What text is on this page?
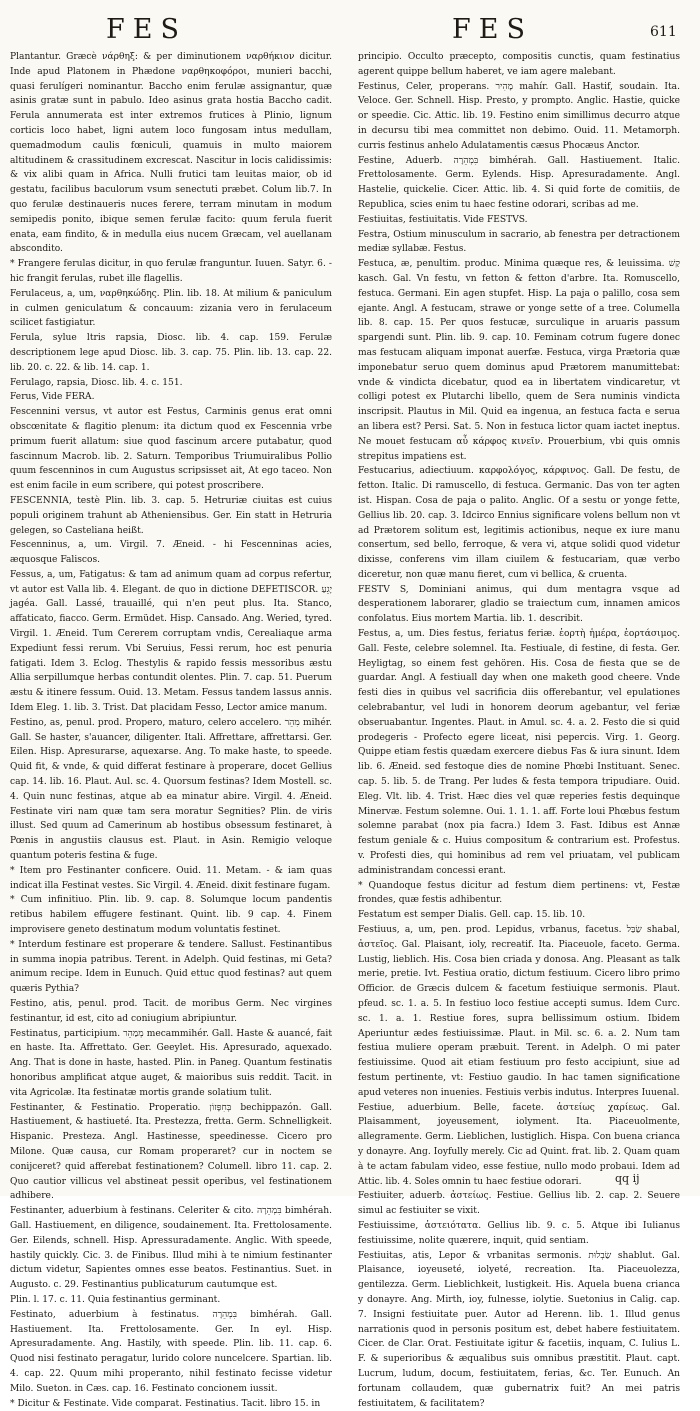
FES	FES	611

Plantantur. Græcè νάρθηξ: & per diminutionem ναρθήκιον dicitur. Inde apud Platonem in Phædone ναρθηκοφόροι, munieri bacchi, quasi ferulígeri nominantur. Baccho enim ferulæ assignantur, quæ asinis gratæ sunt in pabulo. Ideo asinus grata hostia Baccho cadit. Ferula annumerata est inter extremos frutices à Plinio, lignum corticis loco habet, ligni autem loco fungosam intus medullam, quemadmodum caulis fœniculi, quamuis in multo maiorem altitudinem & crassitudinem excrescat. Nascitur in locis calidissimis: & vix alibi quam in Africa. Nulli frutici tam leuitas maior, ob id gestatu, facilibus baculorum vsum senectuti præbet. Colum lib.7. In quo ferulæ destinaueris nuces ferere, terram minutam in modum semipedis ponito, ibique semen ferulæ facito: quum ferula fuerit enata, eam findito, & in medulla eius nucem Græcam, vel auellanam abscondito.

* Frangere ferulas dicitur, in quo ferulæ franguntur. Iuuen. Satyr. 6. - hic frangit ferulas, rubet ille flagellis.

Ferulaceus, a, um, ναρθηκώδης. Plin. lib. 18. At milium & paniculum in culmen geniculatum & concauum: zizania vero in ferulaceum scilicet fastigiatur.

Ferula, sylue ltris rapsia, Diosc. lib. 4. cap. 159. Ferulæ descriptionem lege apud Diosc. lib. 3. cap. 75. Plin. lib. 13. cap. 22. lib. 20. c. 22. & lib. 14. cap. 1.

Ferulago, rapsia, Diosc. lib. 4. c. 151.

Ferus, Vide FERA.

Fescennini versus, vt autor est Festus, Carminis genus erat omni obscœnitate & flagitio plenum: ita dictum quod ex Fescennia vrbe primum fuerit allatum: siue quod fascinum arcere putabatur, quod fascinnum Macrob. lib. 2. Saturn. Temporibus Triumuiralibus Pollio quum fescenninos in cum Augustus scripsisset ait, At ego taceo. Non est enim facile in eum scribere, qui potest proscribere.

FESCENNIA, testè Plin. lib. 3. cap. 5. Hetruriæ ciuitas est cuius populi originem trahunt ab Atheniensibus. Ger. Ein statt in Hetruria gelegen, so Casteliana heißt.

Fescenninus, a, um. Virgil. 7. Æneid. - hi Fescenninas acies, æquosque Faliscos.

Fessus, a, um, Fatigatus: & tam ad animum quam ad corpus refertur, vt autor est Valla lib. 4. Elegant. de quo in dictione DEFETISCOR. יָגֵעַ jagéa. Gall. Lassé, trauaillé, qui n'en peut plus. Ita. Stanco, affaticato, fiacco. Germ. Ermüdet. Hisp. Cansado. Ang. Weried, tyred. Virgil. 1. Æneid. Tum Cererem corruptam vndis, Cerealiaque arma Expediunt fessi rerum. Vbi Seruius, Fessi rerum, hoc est penuria fatigati. Idem 3. Eclog. Thestylis & rapido fessis messoribus æstu Allia serpillumque herbas contundit olentes. Plin. 7. cap. 51. Puerum æstu & itinere fessum. Ouid. 13. Metam. Fessus tandem lassus annis. Idem Eleg. 1. lib. 3. Trist. Dat placidam Fesso, Lector amice manum.

Festino, as, penul. prod. Propero, maturo, celero accelero. מִהֵר mihér. Gall. Se haster, s'auancer, diligenter. Itali. Affrettare, affrettarsi. Ger. Eilen. Hisp. Apresurarse, aquexarse. Ang. To make haste, to speede. Quid fit, & vnde, & quid differat festinare à properare, docet Gellius cap. 14. lib. 16. Plaut. Aul. sc. 4. Quorsum festinas? Idem Mostell. sc. 4. Quin nunc festinas, atque ab ea minatur abire. Virgil. 4. Æneid. Festinate viri nam quæ tam sera moratur Segnities? Plin. de viris illust. Sed quum ad Camerinum ab hostibus obsessum festinaret, à Pœnis in angustiis clausus est. Plaut. in Asin. Remigio veloque quantum poteris festina & fuge.

* Item pro Festinanter conficere. Ouid. 11. Metam. - & iam quas indicat illa Festinat vestes. Sic Virgil. 4. Æneid. dixit festinare fugam.

* Cum infinitiuo. Plin. lib. 9. cap. 8. Solumque locum pandentis retibus habilem effugere festinant. Quint. lib. 9 cap. 4. Finem improvisere geneto destinatum modum voluntatis festinet.

* Interdum festinare est properare & tendere. Sallust. Festinantibus in summa inopia patribus. Terent. in Adelph. Quid festinas, mi Geta? animum recipe. Idem in Eunuch. Quid ettuc quod festinas? aut quem quæris Pythia?

Festino, atis, penul. prod. Tacit. de moribus Germ. Nec virgines festinantur, id est, cito ad coniugium abripiuntur.

Festinatus, participium. מְמַהֵר mecammihér. Gall. Haste & auancé, fait en haste. Ita. Affrettato. Ger. Geeylet. His. Apresurado, aquexado. Ang. That is done in haste, hasted. Plin. in Paneg. Quantum festinatis honoribus amplificat atque auget, & maioribus suis reddit. Tacit. in vita Agricolæ. Ita festinatæ mortis grande solatium tulit.

Festinanter, & Festinatio. Properatio. בְּחִפָּזוֹן bechippazón. Gall. Hastiuement, & hastiueté. Ita. Prestezza, fretta. Germ. Schnelligkeit. Hispanic. Presteza. Angl. Hastinesse, speedinesse. Cicero pro Milone. Quæ causa, cur Romam properaret? cur in noctem se conijceret? quid afferebat festinationem? Columell. libro 11. cap. 2. Quo cautior villicus vel abstineat pessit operibus, vel festinationem adhibere.

Festinanter, aduerbium à festinans. Celeriter & cito. בִּמְהֵרָה bimhérah. Gall. Hastiuement, en diligence, soudainement. Ita. Frettolosamente. Ger. Eilends, schnell. Hisp. Apressuradamente. Anglic. With speede, hastily quickly. Cic. 3. de Finibus. Illud mihi à te nimium festinanter dictum videtur, Sapientes omnes esse beatos. Festinantius. Suet. in Augusto. c. 29. Festinantius publicaturum cautumque est.

Plin. l. 17. c. 11. Quia festinantius germinant.

Festinato, aduerbium à festinatus. בִּמְהֵרָה bimhérah. Gall. Hastiuement. Ita. Frettolosamente. Ger. In eyl. Hisp. Apresuradamente. Ang. Hastily, with speede. Plin. lib. 11. cap. 6. Quod nisi festinato peragatur, lurido colore nuncelcere. Spartian. lib. 4. cap. 22. Quum mihi properanto, nihil festinato fecisse videtur Milo. Sueton. in Cæs. cap. 16. Festinato concionem iussit.

* Dicitur & Festinate. Vide comparat. Festinatius. Tacit. libro 15. in

principio. Occulto præcepto, compositis cunctis, quam festinatius agerent quippe bellum haberet, ve iam agere malebant.

Festinus, Celer, properans. מָהִיר mahír. Gall. Hastif, soudain. Ita. Veloce. Ger. Schnell. Hisp. Presto, y prompto. Anglic. Hastie, quicke or speedie. Cic. Attic. lib. 19. Festino enim simillimus decurro atque in decursu tibi mea committet non debimo. Ouid. 11. Metamorph. curris festinus anhelo Adulatamentis cæsus Phocæus Anctor.

Festine, Aduerb. בִּמְהֵרָה bimhérah. Gall. Hastiuement. Italic. Frettolosamente. Germ. Eylends. Hisp. Apresuradamente. Angl. Hastelie, quickelie. Cicer. Attic. lib. 4. Si quid forte de comitiis, de Republica, scies enim tu haec festine odorari, scribas ad me.

Festiuitas, festiuitatis. Vide FESTVS.

Festra, Ostium minusculum in sacrario, ab fenestra per detractionem mediæ syllabæ. Festus.

Festuca, æ, penultim. produc. Minima quæque res, & leuissima. קַשׁ kasch. Gal. Vn festu, vn fetton & fetton d'arbre. Ita. Romuscello, festuca. Germani. Ein agen stupfet. Hisp. La paja o palillo, cosa sem ejante. Angl. A festucam, strawe or yonge sette of a tree. Columella lib. 8. cap. 15. Per quos festucæ, surculique in aruaris passum spargendi sunt. Plin. lib. 9. cap. 10. Feminam cotrum fugere donec mas festucam aliquam imponat auerfæ. Festuca, virga Prætoria quæ imponebatur seruo quem dominus apud Prætorem manumittebat: vnde & vindicta dicebatur, quod ea in libertatem vindicaretur, vt colligi potest ex Plutarchi libello, quem de Sera numinis vindicta inscripsit. Plautus in Mil. Quid ea ingenua, an festuca facta e serua an libera est? Persi. Sat. 5. Non in festuca lictor quam iactet ineptus. Ne mouet festucam αὖ κάρφος κινεῖν. Prouerbium, vbi quis omnis strepitus impatiens est.

Festucarius, adiectiuum. καρφολόγος, κάρφινος. Gall. De festu, de fetton. Italic. Di ramuscello, di festuca. Germanic. Das von ter agten ist. Hispan. Cosa de paja o palito. Anglic. Of a sestu or yonge fette, Gellius lib. 20. cap. 3. Idcirco Ennius significare volens bellum non vt ad Prætorem solitum est, legitimis actionibus, neque ex iure manu consertum, sed bello, ferroque, & vera vi, atque solidi quod videtur dixisse, conferens vim illam ciuilem & festucariam, quæ verbo diceretur, non quæ manu fieret, cum vi bellica, & cruenta.

FESTV S, Dominiani animus, qui dum mentagra vsque ad desperationem laborarer, gladio se traiectum cum, innamen amicos confolatus. Eius mortem Martia. lib. 1. describit.

Festus, a, um. Dies festus, feriatus feriæ. ἑορτὴ ἡμέρα, ἑορτάσιμος. Gall. Feste, celebre solemnel. Ita. Festiuale, di festine, di festa. Ger. Heyligtag, so einem fest gehören. His. Cosa de fiesta que se de guardar. Angl. A festiuall day when one maketh good cheere. Vnde festi dies in quibus vel sacrificia diis offerebantur, vel epulationes celebrabantur, vel ludi in honorem deorum agebantur, vel feriæ obseruabantur. Ingentes. Plaut. in Amul. sc. 4. a. 2. Festo die si quid prodegeris - Profecto egere liceat, nisi pepercis. Virg. 1. Georg. Quippe etiam festis quædam exercere diebus Fas & iura sinunt. Idem lib. 6. Æneid. sed festoque dies de nomine Phœbi Instituant. Senec. cap. 5. lib. 5. de Trang. Per ludes & festa tempora tripudiare. Ouid. Eleg. Vlt. lib. 4. Trist. Hæc dies vel quæ reperies festis dequinque Minervæ. Festum solemne. Oui. 1. 1. 1. aff. Forte loui Phœbus festum solemne parabat (nox pia facra.) Idem 3. Fast. Idibus est Annæ festum geniale & c. Huius compositum & contrarium est. Profestus. v. Profesti dies, qui hominibus ad rem vel priuatam, vel publicam administrandam concessi erant.

* Quandoque festus dicitur ad festum diem pertinens: vt, Festæ frondes, quæ festis adhibentur.

Festatum est semper Dialis. Gell. cap. 15. lib. 10.

Festiuus, a, um, pen. prod. Lepidus, vrbanus, facetus. שַׂבַּל shabal, ἀστεῖος. Gal. Plaisant, ioly, recreatif. Ita. Piaceuole, faceto. Germa. Lustig, lieblich. His. Cosa bien criada y donosa. Ang. Pleasant as talk merie, pretie. Ivt. Festiua oratio, dictum festiuum. Cicero libro primo Officior. de Græcis dulcem & facetum festiuique sermonis. Plaut. pfeud. sc. 1. a. 5. In festiuo loco festiue accepti sumus. Idem Curc. sc. 1. a. 1. Restiue fores, supra bellissimum ostium. Ibidem Aperiuntur ædes festiuissimæ. Plaut. in Mil. sc. 6. a. 2. Num tam festiua muliere operam præbuit. Terent. in Adelph. O mi pater festiuissime. Quod ait etiam festiuum pro festo accipiunt, siue ad festum pertinente, vt: Festiuo gaudio. In hac tamen significatione apud veteres non inuenies. Festiuis verbis indutus. Interpres Iuuenal.

Festiue, aduerbium. Belle, facete. ἀστείως χαρίεως. Gal. Plaisamment, joyeusement, iolyment. Ita. Piaceuolmente, allegramente. Germ. Lieblichen, lustiglich. Hispa. Con buena crianca y donayre. Ang. Ioyfully merely. Cic ad Quint. frat. lib. 2. Quam quam à te actam fabulam video, esse festiue, nullo modo probaui. Idem ad Attic. lib. 4. Soles omnin tu haec festiue odorari.

Festiuiter, aduerb. ἀστείως. Festiue. Gellius lib. 2. cap. 2. Seuere simul ac festiuiter se vixit.

Festiuissime, ἀστειότατα. Gellius lib. 9. c. 5. Atque ibi Iulianus festiuissime, nolite quærere, inquit, quid sentiam.

Festiuitas, atis, Lepor & vrbanitas sermonis. שַׂבְלוּת shablut. Gal. Plaisance, ioyeuseté, iolyeté, recreation. Ita. Piaceuolezza, gentilezza. Germ. Lieblichkeit, lustigkeit. His. Aquela buena crianca y donayre. Ang. Mirth, ioy, fulnesse, iolytie. Suetonius in Calig. cap. 7. Insigni festiuitate puer. Autor ad Herenn. lib. 1. Illud genus narrationis quod in personis positum est, debet habere festiuitatem. Cicer. de Clar. Orat. Festiuitate igitur & facetiis, inquam, C. Iulius L. F. & superioribus & æqualibus suis omnibus præstitit. Plaut. capt. Lucrum, ludum, docum, festiuitatem, ferias, &c. Ter. Eunuch. An fortunam collaudem, quæ gubernatrix fuit? An mei patris festiuitatem, & facilitatem?

qq ij
